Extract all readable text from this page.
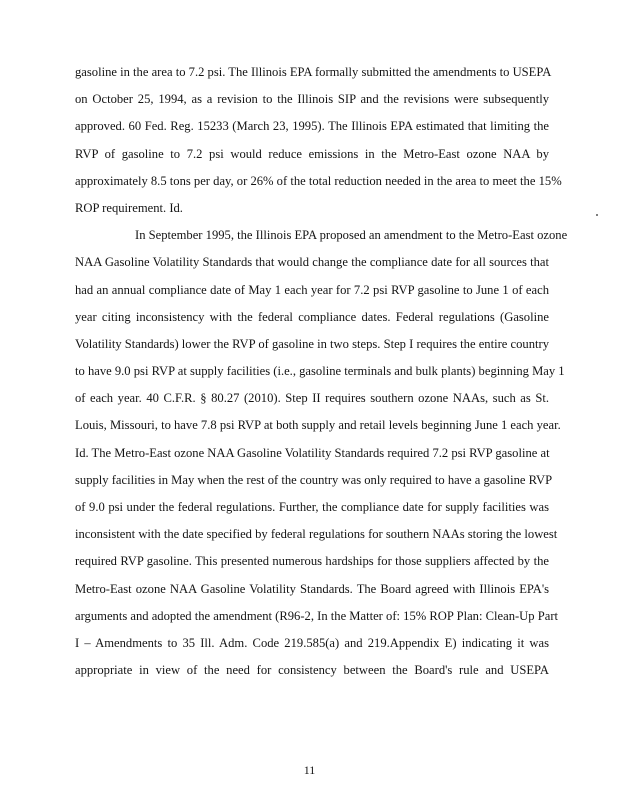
gasoline in the area to 7.2 psi. The Illinois EPA formally submitted the amendments to USEPA
on October 25, 1994, as a revision to the Illinois SIP and the revisions were subsequently
approved. 60 Fed. Reg. 15233 (March 23, 1995). The Illinois EPA estimated that limiting the
RVP of gasoline to 7.2 psi would reduce emissions in the Metro-East ozone NAA by
approximately 8.5 tons per day, or 26% of the total reduction needed in the area to meet the 15%
ROP requirement. Id.
In September 1995, the Illinois EPA proposed an amendment to the Metro-East ozone
NAA Gasoline Volatility Standards that would change the compliance date for all sources that
had an annual compliance date of May 1 each year for 7.2 psi RVP gasoline to June 1 of each
year citing inconsistency with the federal compliance dates. Federal regulations (Gasoline
Volatility Standards) lower the RVP of gasoline in two steps. Step I requires the entire country
to have 9.0 psi RVP at supply facilities (i.e., gasoline terminals and bulk plants) beginning May 1
of each year. 40 C.F.R. § 80.27 (2010). Step II requires southern ozone NAAs, such as St.
Louis, Missouri, to have 7.8 psi RVP at both supply and retail levels beginning June 1 each year.
Id. The Metro-East ozone NAA Gasoline Volatility Standards required 7.2 psi RVP gasoline at
supply facilities in May when the rest of the country was only required to have a gasoline RVP
of 9.0 psi under the federal regulations. Further, the compliance date for supply facilities was
inconsistent with the date specified by federal regulations for southern NAAs storing the lowest
required RVP gasoline. This presented numerous hardships for those suppliers affected by the
Metro-East ozone NAA Gasoline Volatility Standards. The Board agreed with Illinois EPA's
arguments and adopted the amendment (R96-2, In the Matter of: 15% ROP Plan: Clean-Up Part
I – Amendments to 35 Ill. Adm. Code 219.585(a) and 219.Appendix E) indicating it was
appropriate in view of the need for consistency between the Board's rule and USEPA
11
